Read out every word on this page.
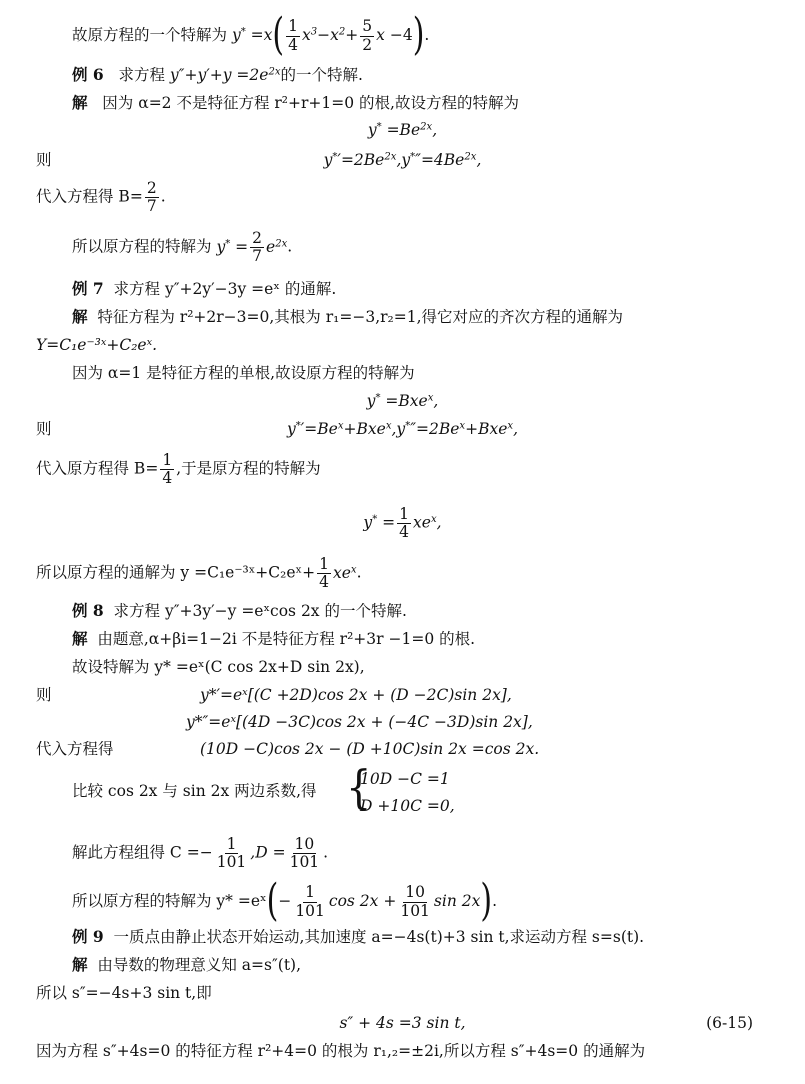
故原方程的一个特解为 $y^* =x( \frac{1}{4} x^3-x^2+ \frac{5}{2}$ x −4).
例 6 求方程 $y''+y'+y =2e^{2x}$的一个特解.
解 因为 α=2 不是特征方程 r²+r+1=0 的根,故设方程的特解为
$y^* =Be^{2x}$,
则	$y^*'=2Be^{2x},y^*''=4Be^{2x}$,
代入方程得 $B= \frac{2}{7}$ .
所以原方程的特解为 $y^* = \frac{2}{7} e^{2x}$.
例 7 求方程 y″+2y′−3y =eˣ 的通解.
解 特征方程为 r²+2r−3=0,其根为 r₁=−3,r₂=1,得它对应的齐次方程的通解为
Y=C₁e⁻³ˣ+C₂eˣ.
因为 α=1 是特征方程的单根,故设原方程的特解为
y* =Bxe$^x$,
则	$y^*'=Be^x+Bxe^x,y^*''=2Be^x+Bxe^x$,
代入原方程得 $B= \frac{1}{4}$ ,于是原方程的特解为
$y^* = \frac{1}{4} xe^x$,
所以原方程的通解为 y =C₁e⁻³ˣ+C₂eˣ+ $\frac{1}{4} xe^x$.
例 8 求方程 y″+3y′−y =eˣcos 2x 的一个特解.
解 由题意,α+βi=1−2i 不是特征方程 r²+3r −1=0 的根.
故设特解为 y* =eˣ(C cos 2x+D sin 2x),
则	y*′=eˣ[(C +2D)cos 2x + (D −2C)sin 2x],
y*″=eˣ[(4D −3C)cos 2x + (−4C −3D)sin 2x],
代入方程得	(10D −C)cos 2x − (D +10C)sin 2x =cos 2x.
比较 cos 2x 与 sin 2x 两边系数,得 {
10D −C =1
D +10C =0,
解此方程组得 $C =- \frac{1}{101} ,D = \frac{10}{101}$ .
所以原方程的特解为 y* =eˣ(− $\frac{1}{101}$ $\cos 2x + \frac{10}{101}$ sin 2x).
例 9 一质点由静止状态开始运动,其加速度 a=−4s(t)+3 sin t,求运动方程 s=s(t).
解 由导数的物理意义知 a=s″(t),
所以 s″=−4s+3 sin t,即
s″ + 4s =3 sin t,	(6-15)
因为方程 s″+4s=0 的特征方程 r²+4=0 的根为 r₁,₂=±2i,所以方程 s″+4s=0 的通解为
